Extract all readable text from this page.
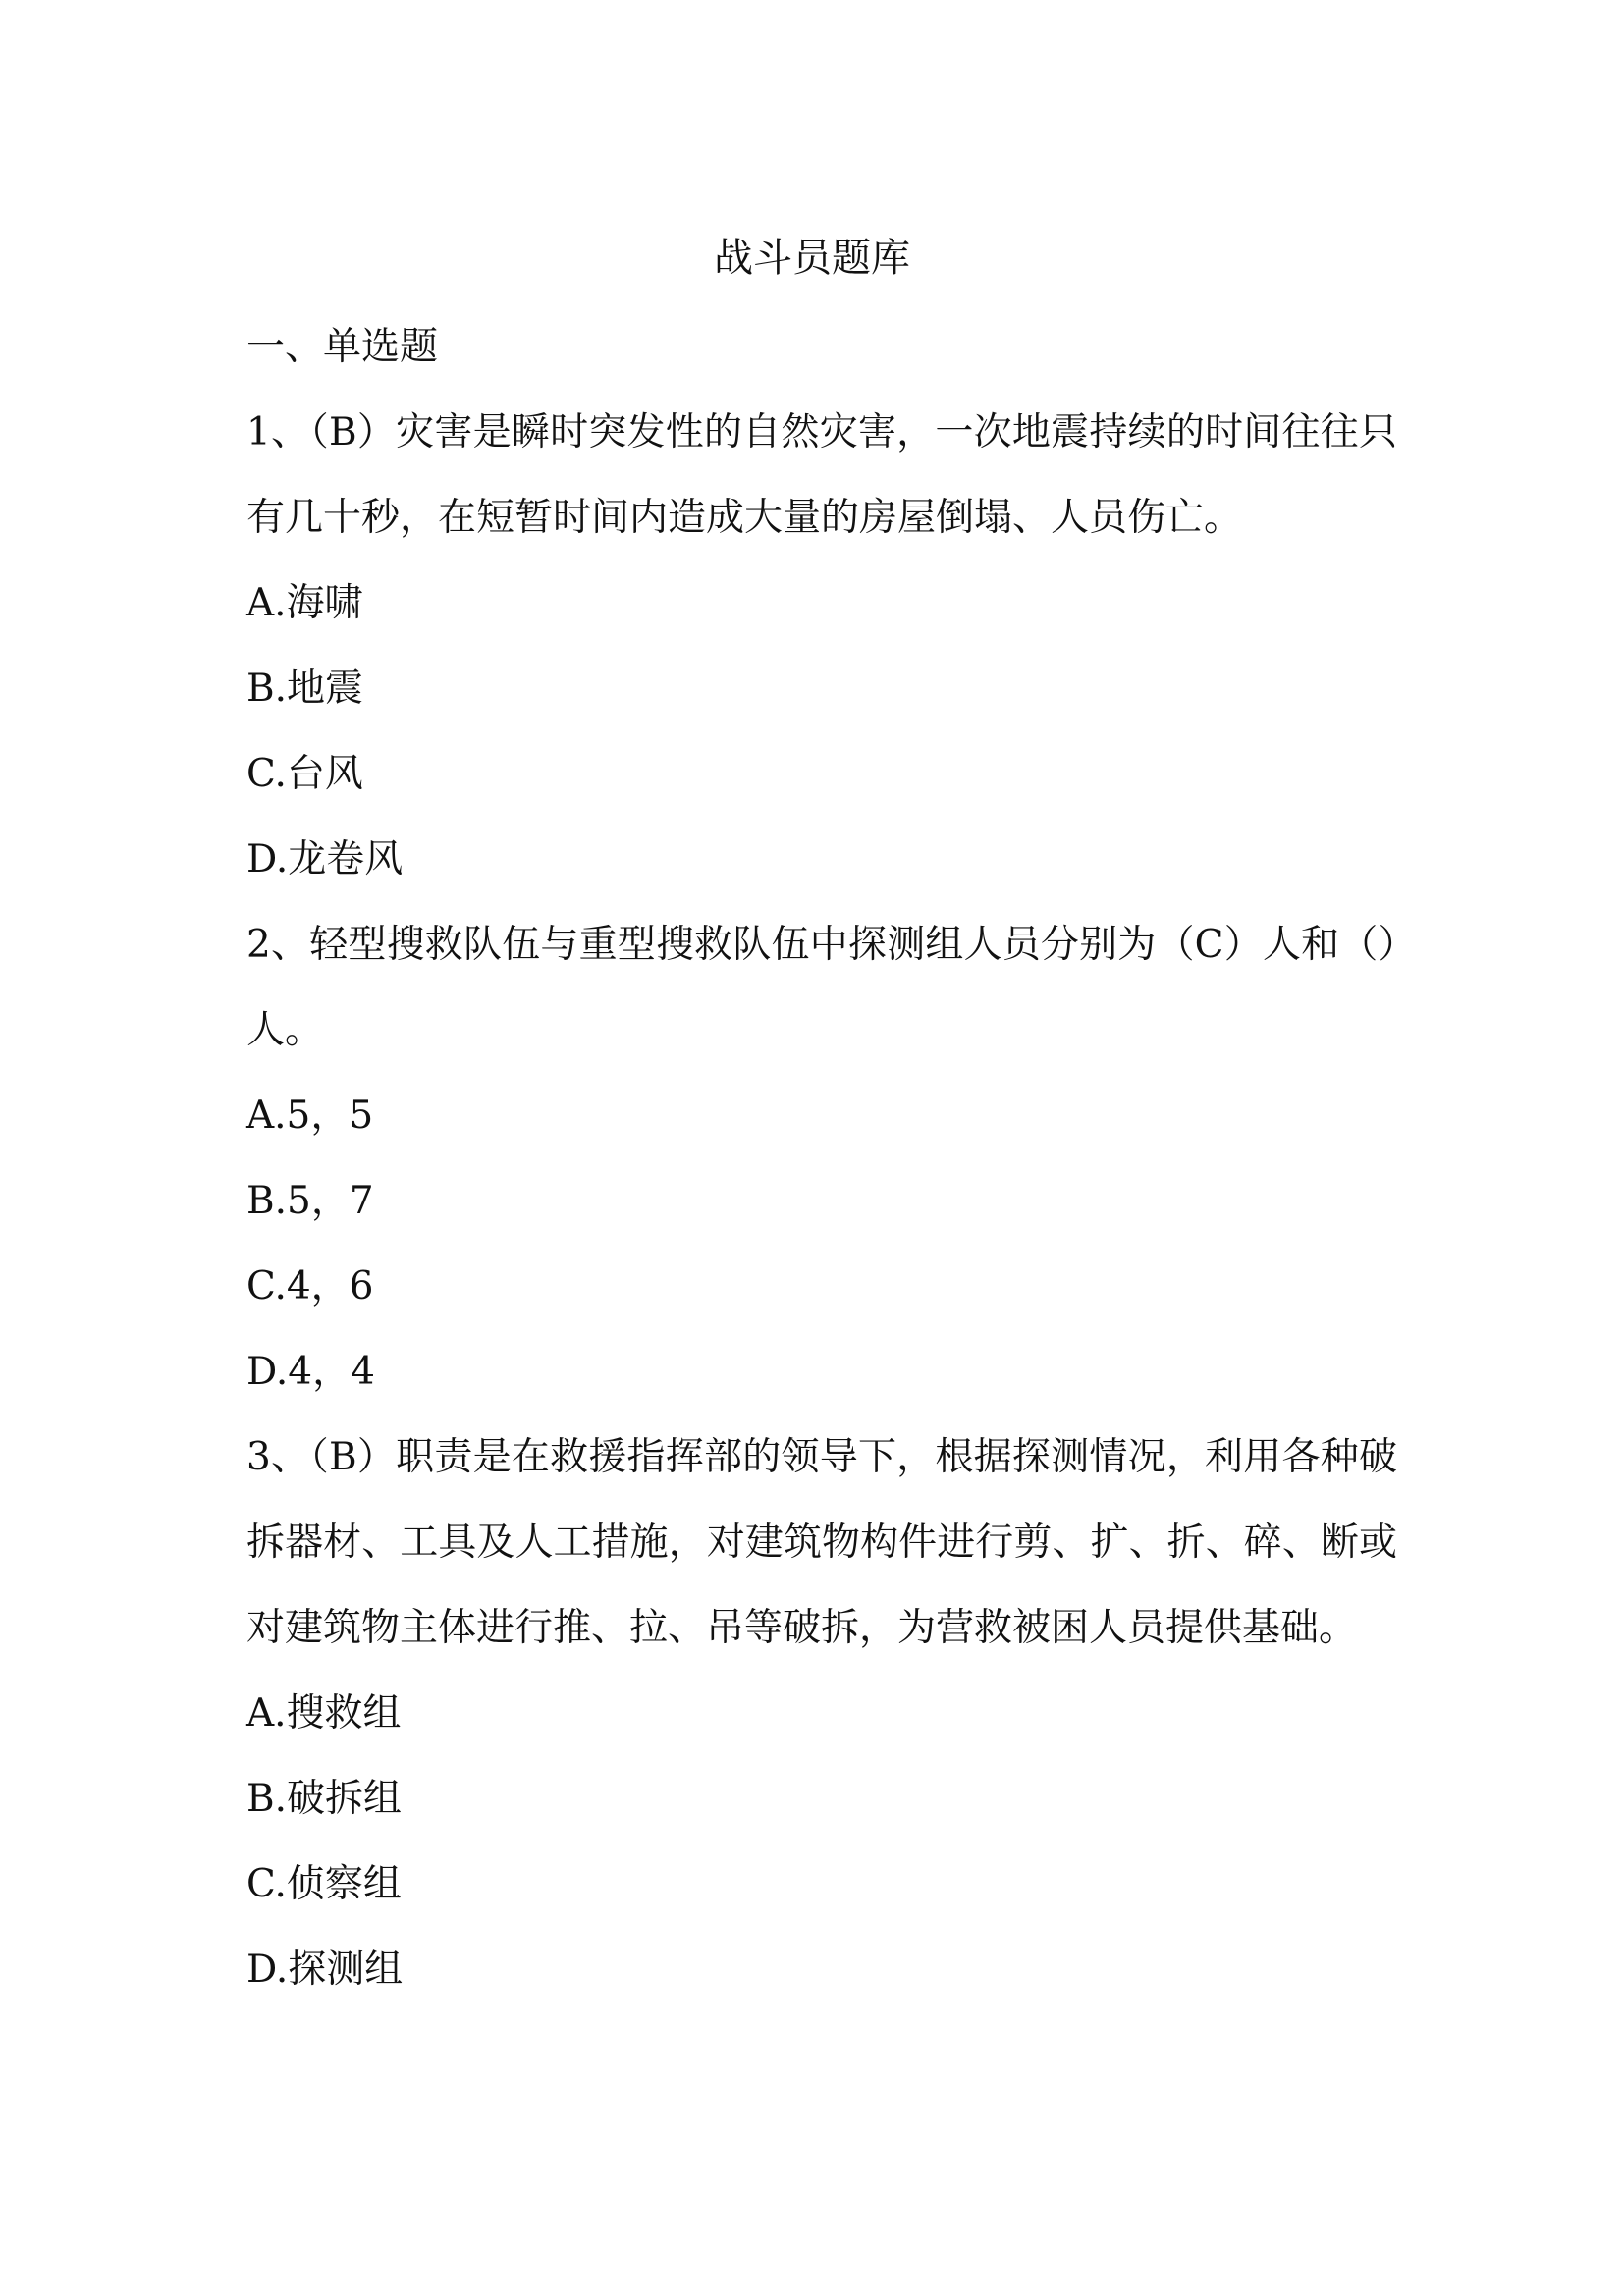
战斗员题库

一、单选题

1、（B）灾害是瞬时突发性的自然灾害，一次地震持续的时间往往只有几十秒，在短暂时间内造成大量的房屋倒塌、人员伤亡。

A.海啸

B.地震

C.台风

D.龙卷风

2、轻型搜救队伍与重型搜救队伍中探测组人员分别为（C）人和（）人。

A.5，5

B.5，7

C.4，6

D.4，4

3、（B）职责是在救援指挥部的领导下，根据探测情况，利用各种破拆器材、工具及人工措施，对建筑物构件进行剪、扩、折、碎、断或对建筑物主体进行推、拉、吊等破拆，为营救被困人员提供基础。

A.搜救组

B.破拆组

C.侦察组

D.探测组
